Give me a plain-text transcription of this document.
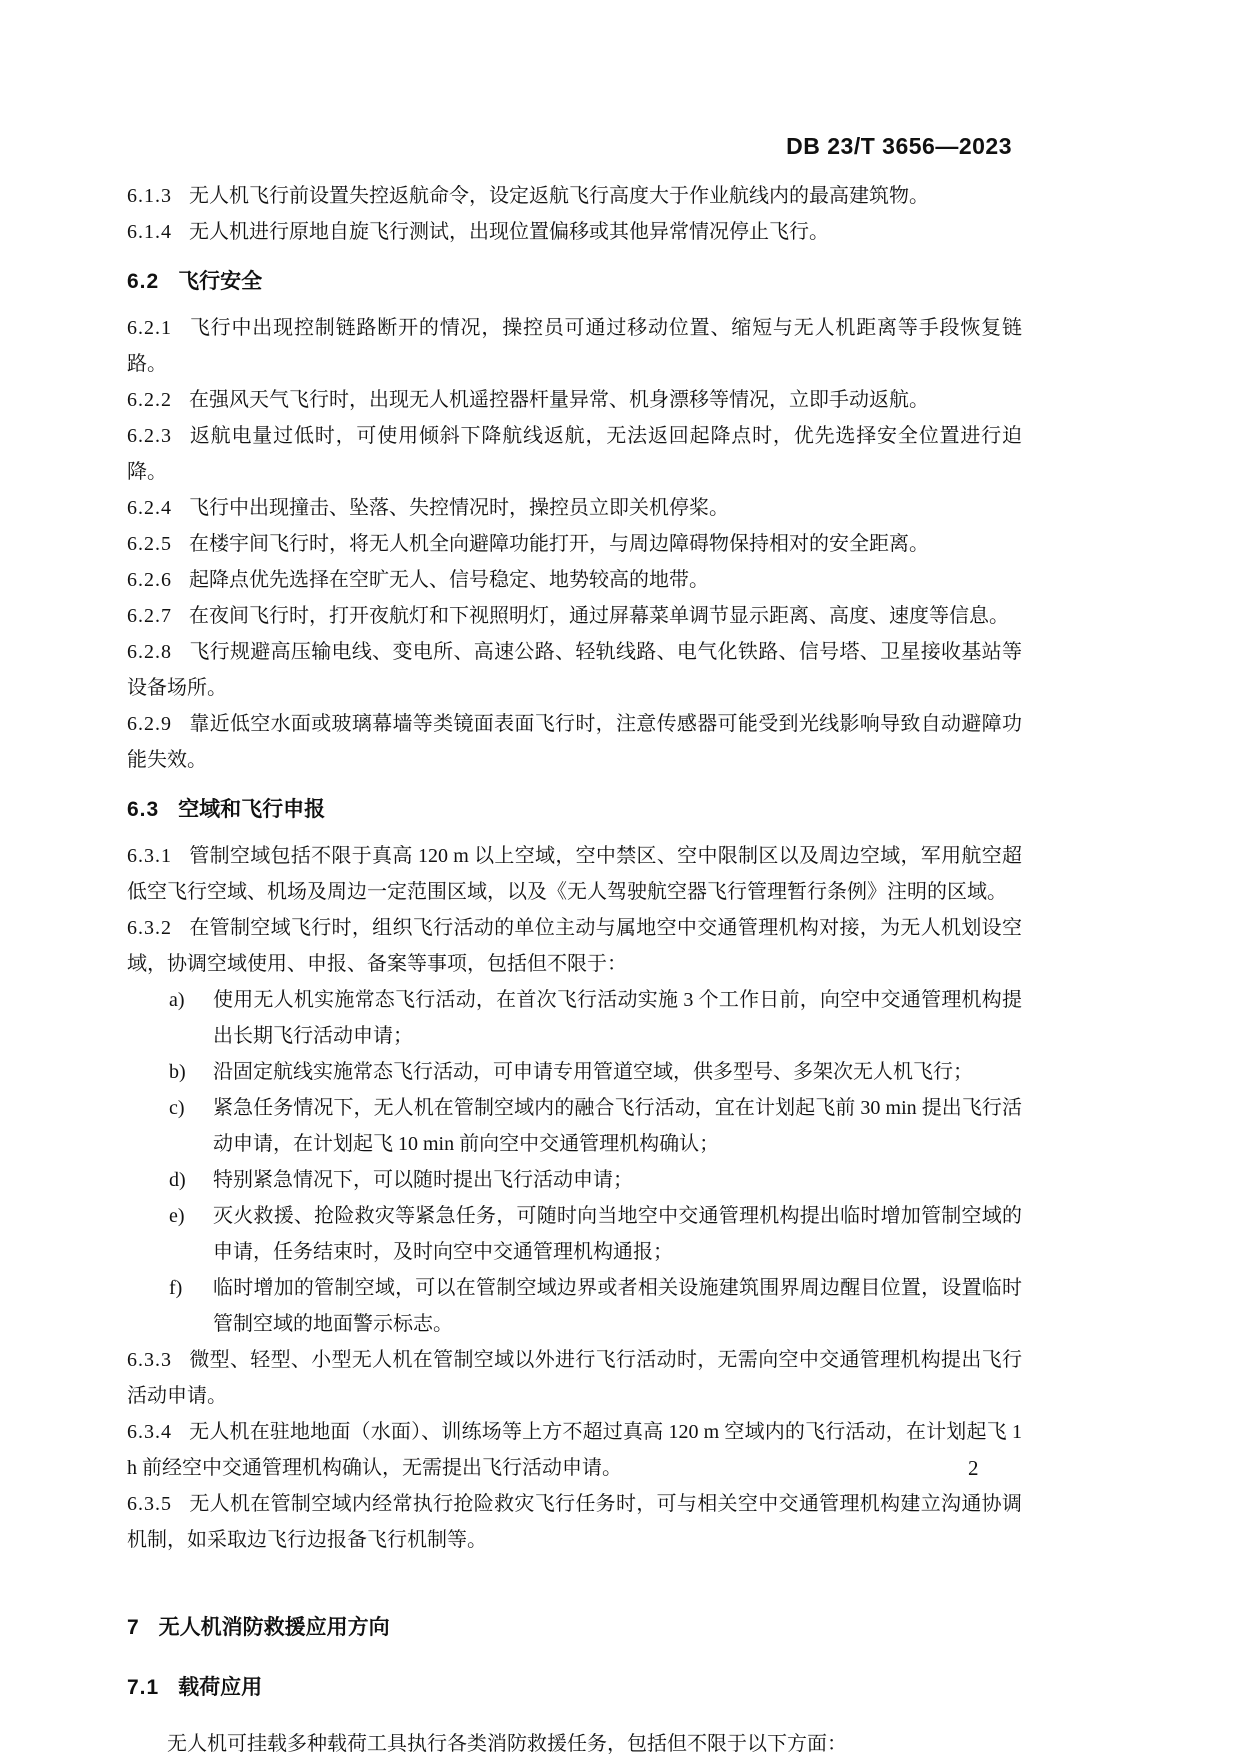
DB 23/T 3656—2023

6.1.3 无人机飞行前设置失控返航命令，设定返航飞行高度大于作业航线内的最高建筑物。

6.1.4 无人机进行原地自旋飞行测试，出现位置偏移或其他异常情况停止飞行。

6.2 飞行安全

6.2.1 飞行中出现控制链路断开的情况，操控员可通过移动位置、缩短与无人机距离等手段恢复链路。

6.2.2 在强风天气飞行时，出现无人机遥控器杆量异常、机身漂移等情况，立即手动返航。

6.2.3 返航电量过低时，可使用倾斜下降航线返航，无法返回起降点时，优先选择安全位置进行迫降。

6.2.4 飞行中出现撞击、坠落、失控情况时，操控员立即关机停桨。

6.2.5 在楼宇间飞行时，将无人机全向避障功能打开，与周边障碍物保持相对的安全距离。

6.2.6 起降点优先选择在空旷无人、信号稳定、地势较高的地带。

6.2.7 在夜间飞行时，打开夜航灯和下视照明灯，通过屏幕菜单调节显示距离、高度、速度等信息。

6.2.8 飞行规避高压输电线、变电所、高速公路、轻轨线路、电气化铁路、信号塔、卫星接收基站等设备场所。

6.2.9 靠近低空水面或玻璃幕墙等类镜面表面飞行时，注意传感器可能受到光线影响导致自动避障功能失效。

6.3 空域和飞行申报

6.3.1 管制空域包括不限于真高 120 m 以上空域，空中禁区、空中限制区以及周边空域，军用航空超低空飞行空域、机场及周边一定范围区域，以及《无人驾驶航空器飞行管理暂行条例》注明的区域。

6.3.2 在管制空域飞行时，组织飞行活动的单位主动与属地空中交通管理机构对接，为无人机划设空域，协调空域使用、申报、备案等事项，包括但不限于：

a)	使用无人机实施常态飞行活动，在首次飞行活动实施 3 个工作日前，向空中交通管理机构提出长期飞行活动申请；

b)	沿固定航线实施常态飞行活动，可申请专用管道空域，供多型号、多架次无人机飞行；

c)	紧急任务情况下，无人机在管制空域内的融合飞行活动，宜在计划起飞前 30 min 提出飞行活动申请，在计划起飞 10 min 前向空中交通管理机构确认；

d)	特别紧急情况下，可以随时提出飞行活动申请；

e)	灭火救援、抢险救灾等紧急任务，可随时向当地空中交通管理机构提出临时增加管制空域的申请，任务结束时，及时向空中交通管理机构通报；

f)	临时增加的管制空域，可以在管制空域边界或者相关设施建筑围界周边醒目位置，设置临时管制空域的地面警示标志。

6.3.3 微型、轻型、小型无人机在管制空域以外进行飞行活动时，无需向空中交通管理机构提出飞行活动申请。

6.3.4 无人机在驻地地面（水面）、训练场等上方不超过真高 120 m 空域内的飞行活动，在计划起飞 1 h 前经空中交通管理机构确认，无需提出飞行活动申请。

6.3.5 无人机在管制空域内经常执行抢险救灾飞行任务时，可与相关空中交通管理机构建立沟通协调机制，如采取边飞行边报备飞行机制等。

7 无人机消防救援应用方向
7.1 载荷应用

无人机可挂载多种载荷工具执行各类消防救援任务，包括但不限于以下方面：

2
